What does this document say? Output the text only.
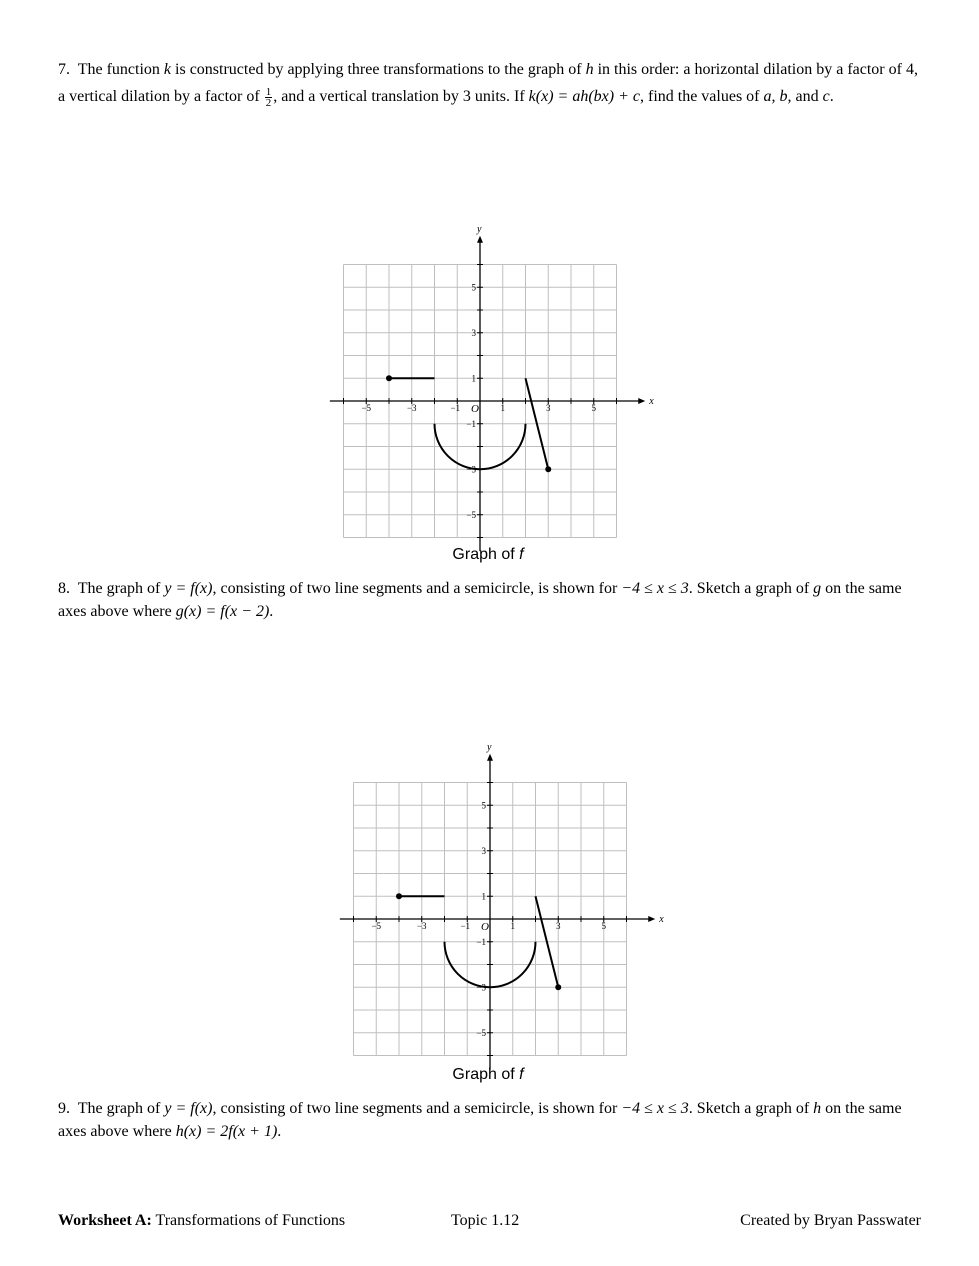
7. The function k is constructed by applying three transformations to the graph of h in this order: a horizontal dilation by a factor of 4, a vertical dilation by a factor of $\frac{1}{2}$ , and a vertical translation by 3 units. If k(x) = ah(bx) + c, find the values of a, b, and c.

−5	−3	−1	1	3	5
5
3
1
−1
−3
−5
O
x
y
Graph of f

8. The graph of y = f(x), consisting of two line segments and a semicircle, is shown for −4 ≤ x ≤ 3. Sketch a graph of g on the same axes above where g(x) = f(x − 2).

−5	−3	−1	1	3	5
5
3
1
−1
−3
−5
O
x
y
Graph of f

9. The graph of y = f(x), consisting of two line segments and a semicircle, is shown for −4 ≤ x ≤ 3. Sketch a graph of h on the same axes above where h(x) = 2f(x + 1).

Worksheet A: Transformations of Functions	Topic 1.12	Created by Bryan Passwater
